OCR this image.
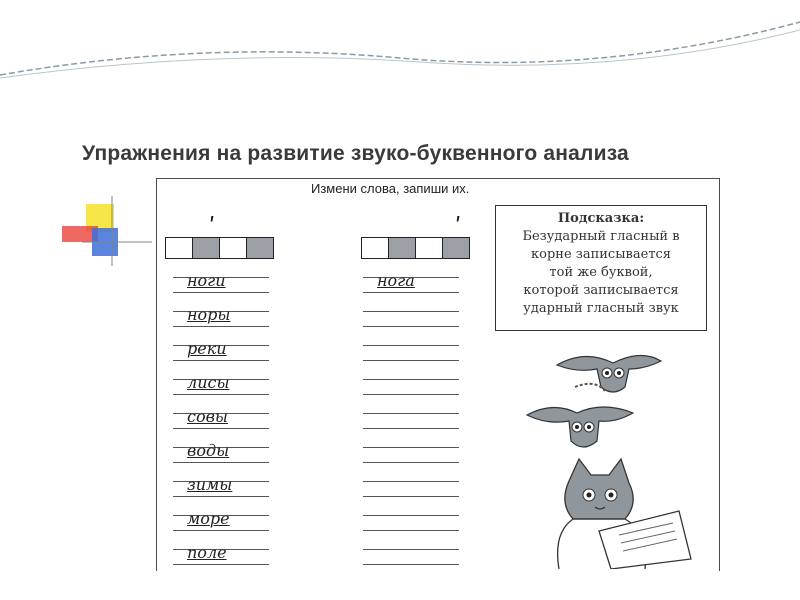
Упражнения на развитие звуко-буквенного анализа
Измени слова, запиши их.
ʹ	ʹ
ноги
норы
реки
лисы
совы
воды
зимы
море
поле
нога
Подсказка:
Безударный гласный в
корне записывается
той же буквой,
которой записывается
ударный гласный звук
